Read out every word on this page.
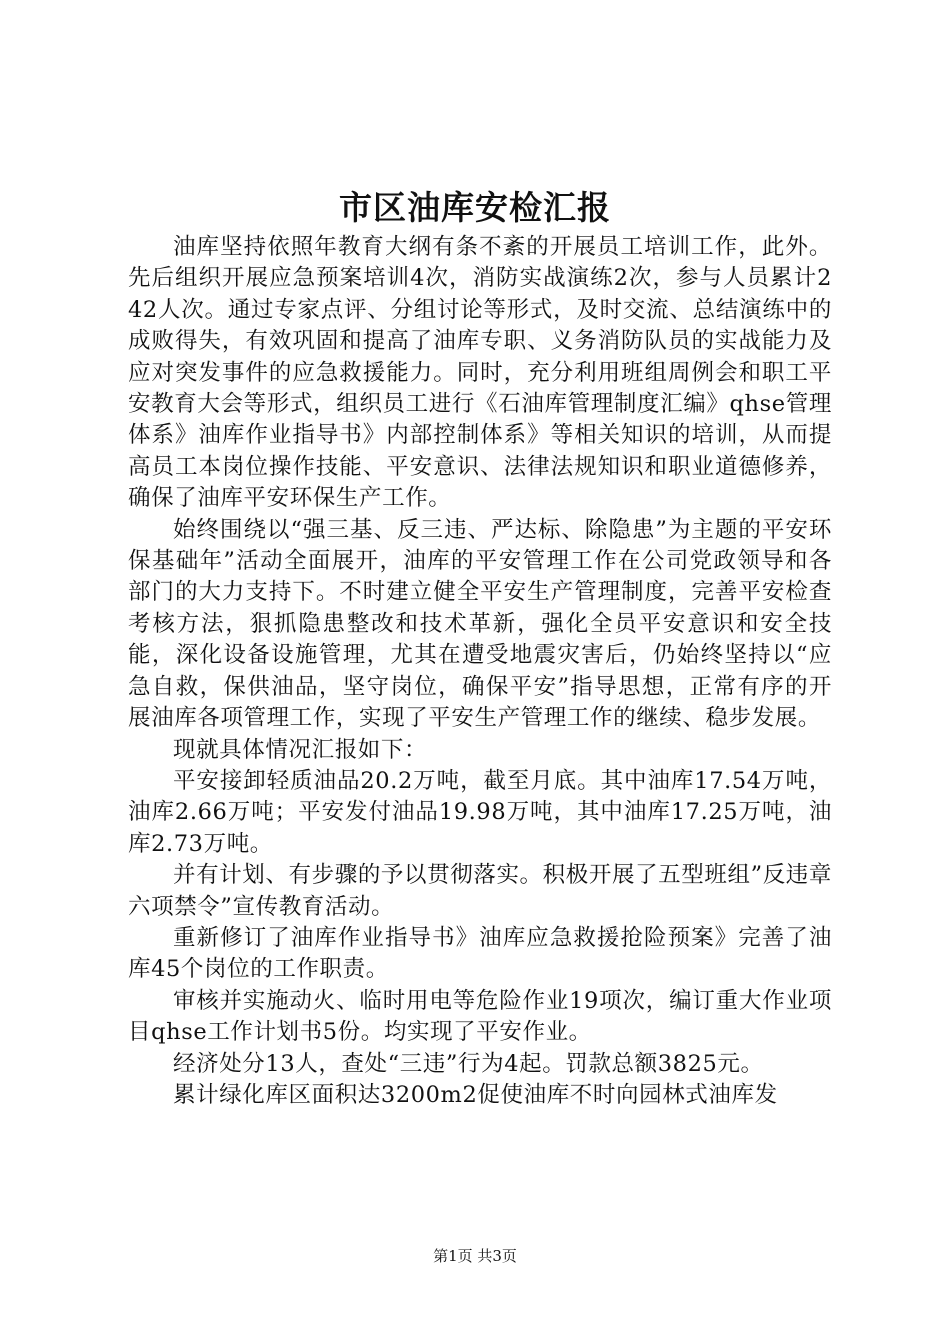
市区油库安检汇报

油库坚持依照年教育大纲有条不紊的开展员工培训工作，此外。先后组织开展应急预案培训4次，消防实战演练2次，参与人员累计242人次。通过专家点评、分组讨论等形式，及时交流、总结演练中的成败得失，有效巩固和提高了油库专职、义务消防队员的实战能力及应对突发事件的应急救援能力。同时，充分利用班组周例会和职工平安教育大会等形式，组织员工进行《石油库管理制度汇编》qhse管理体系》油库作业指导书》内部控制体系》等相关知识的培训，从而提高员工本岗位操作技能、平安意识、法律法规知识和职业道德修养，确保了油库平安环保生产工作。

始终围绕以“强三基、反三违、严达标、除隐患”为主题的平安环保基础年”活动全面展开，油库的平安管理工作在公司党政领导和各部门的大力支持下。不时建立健全平安生产管理制度，完善平安检查考核方法，狠抓隐患整改和技术革新，强化全员平安意识和安全技能，深化设备设施管理，尤其在遭受地震灾害后，仍始终坚持以“应急自救，保供油品，坚守岗位，确保平安”指导思想，正常有序的开展油库各项管理工作，实现了平安生产管理工作的继续、稳步发展。

现就具体情况汇报如下：

平安接卸轻质油品20.2万吨，截至月底。其中油库17.54万吨，油库2.66万吨；平安发付油品19.98万吨，其中油库17.25万吨，油库2.73万吨。

并有计划、有步骤的予以贯彻落实。积极开展了五型班组”反违章六项禁令”宣传教育活动。

重新修订了油库作业指导书》油库应急救援抢险预案》完善了油库45个岗位的工作职责。

审核并实施动火、临时用电等危险作业19项次，编订重大作业项目qhse工作计划书5份。均实现了平安作业。

经济处分13人，查处“三违”行为4起。罚款总额3825元。

累计绿化库区面积达3200m2促使油库不时向园林式油库发

第1页 共3页
